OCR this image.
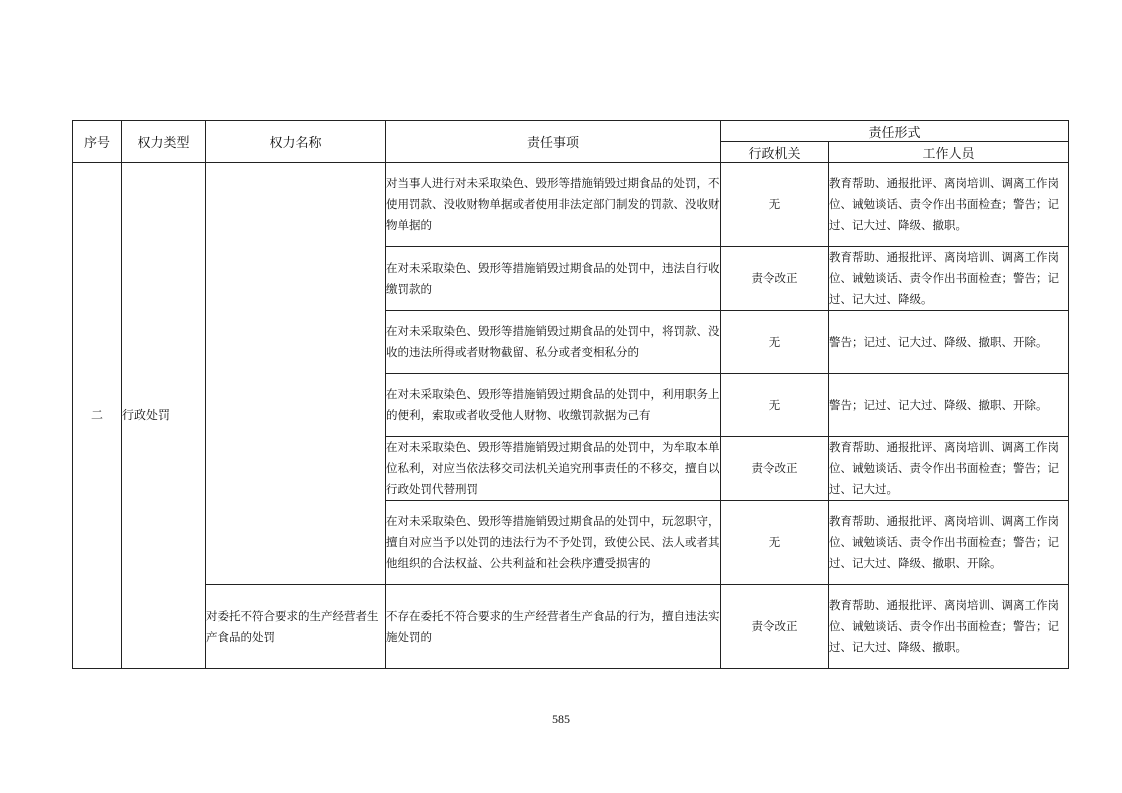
序号	权力类型	权力名称	责任事项	责任形式	
				行政机关	工作人员
二	行政处罚		对当事人进行对未采取染色、毁形等措施销毁过期食品的处罚，不使用罚款、没收财物单据或者使用非法定部门制发的罚款、没收财物单据的	无	教育帮助、通报批评、离岗培训、调离工作岗位、诫勉谈话、责令作出书面检查；警告；记过、记大过、降级、撤职。
			在对未采取染色、毁形等措施销毁过期食品的处罚中，违法自行收缴罚款的	责令改正	教育帮助、通报批评、离岗培训、调离工作岗位、诫勉谈话、责令作出书面检查；警告；记过、记大过、降级。
			在对未采取染色、毁形等措施销毁过期食品的处罚中，将罚款、没收的违法所得或者财物截留、私分或者变相私分的	无	警告；记过、记大过、降级、撤职、开除。
			在对未采取染色、毁形等措施销毁过期食品的处罚中，利用职务上的便利，索取或者收受他人财物、收缴罚款据为己有	无	警告；记过、记大过、降级、撤职、开除。
			在对未采取染色、毁形等措施销毁过期食品的处罚中，为牟取本单位私利，对应当依法移交司法机关追究刑事责任的不移交，擅自以行政处罚代替刑罚	责令改正	教育帮助、通报批评、离岗培训、调离工作岗位、诫勉谈话、责令作出书面检查；警告；记过、记大过。
			在对未采取染色、毁形等措施销毁过期食品的处罚中，玩忽职守，擅自对应当予以处罚的违法行为不予处罚，致使公民、法人或者其他组织的合法权益、公共利益和社会秩序遭受损害的	无	教育帮助、通报批评、离岗培训、调离工作岗位、诫勉谈话、责令作出书面检查；警告；记过、记大过、降级、撤职、开除。
		对委托不符合要求的生产经营者生产食品的处罚	不存在委托不符合要求的生产经营者生产食品的行为，擅自违法实施处罚的	责令改正	教育帮助、通报批评、离岗培训、调离工作岗位、诫勉谈话、责令作出书面检查；警告；记过、记大过、降级、撤职。
585
